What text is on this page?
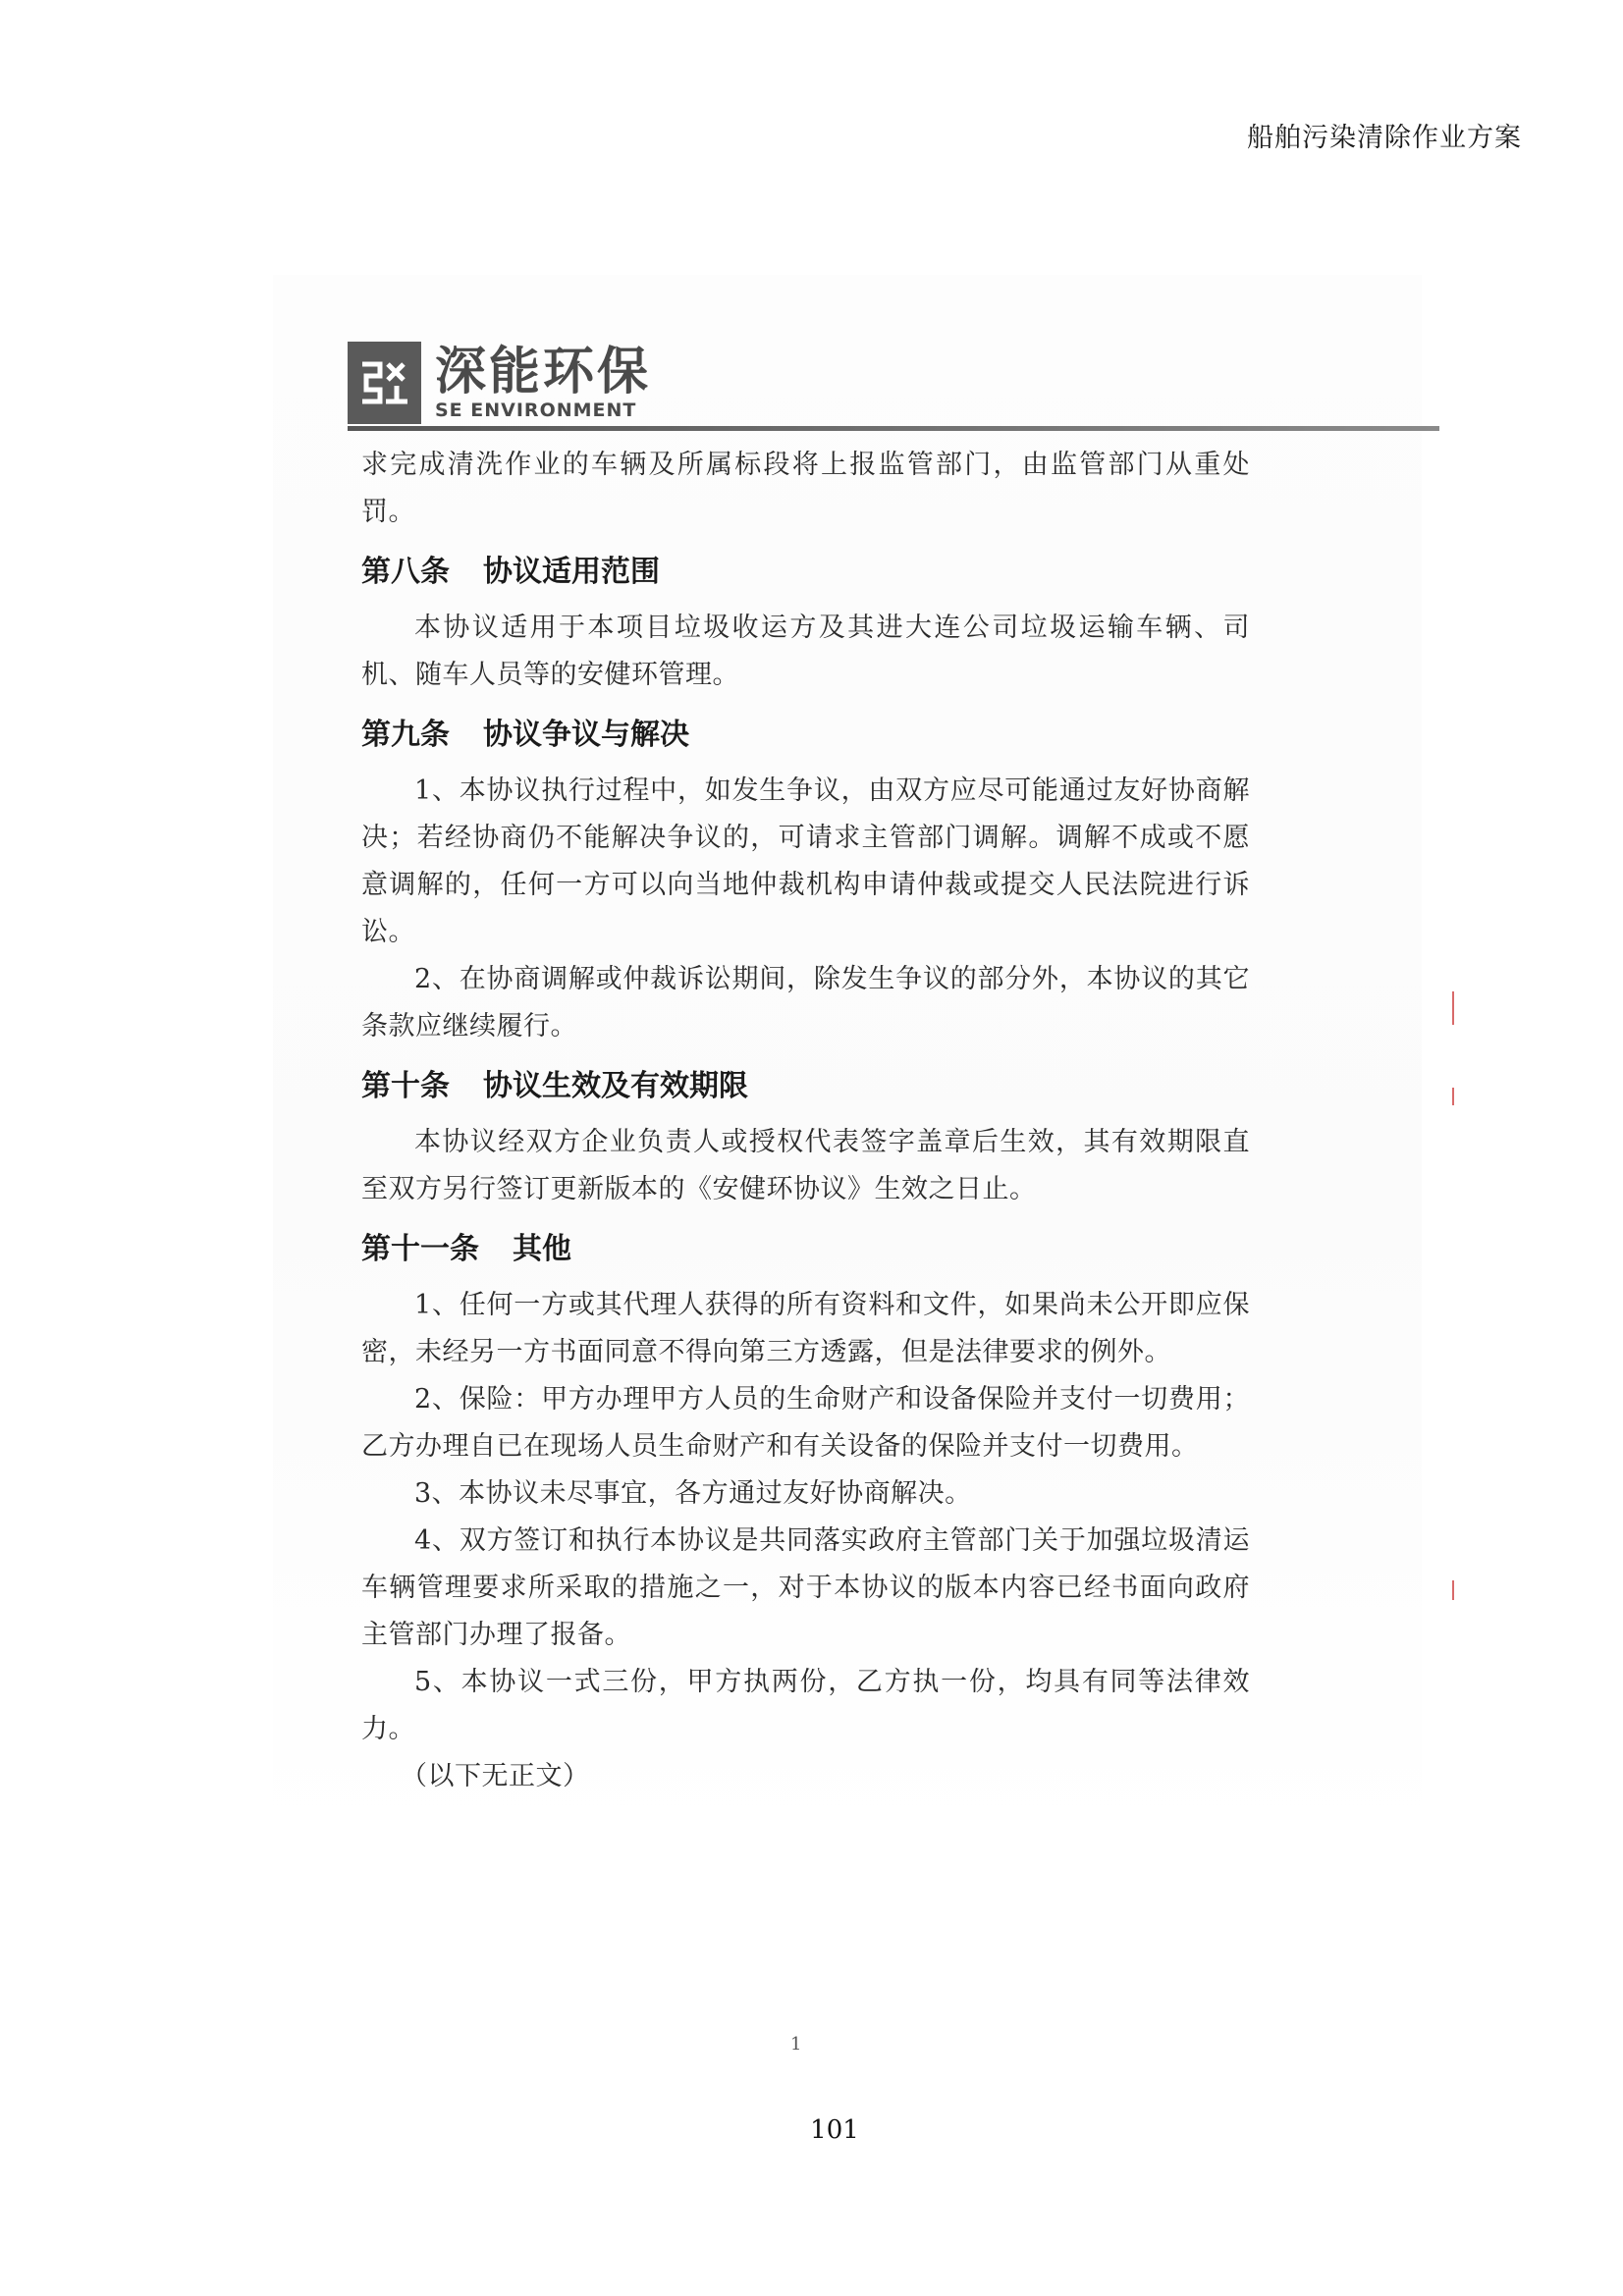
船舶污染清除作业方案
深能环保
SE ENVIRONMENT

求完成清洗作业的车辆及所属标段将上报监管部门，由监管部门从重处罚。

第八条 协议适用范围

本协议适用于本项目垃圾收运方及其进大连公司垃圾运输车辆、司机、随车人员等的安健环管理。

第九条 协议争议与解决

1、本协议执行过程中，如发生争议，由双方应尽可能通过友好协商解决；若经协商仍不能解决争议的，可请求主管部门调解。调解不成或不愿意调解的，任何一方可以向当地仲裁机构申请仲裁或提交人民法院进行诉讼。

2、在协商调解或仲裁诉讼期间，除发生争议的部分外，本协议的其它条款应继续履行。

第十条 协议生效及有效期限

本协议经双方企业负责人或授权代表签字盖章后生效，其有效期限直至双方另行签订更新版本的《安健环协议》生效之日止。

第十一条 其他

1、任何一方或其代理人获得的所有资料和文件，如果尚未公开即应保密，未经另一方书面同意不得向第三方透露，但是法律要求的例外。

2、保险：甲方办理甲方人员的生命财产和设备保险并支付一切费用；乙方办理自已在现场人员生命财产和有关设备的保险并支付一切费用。

3、本协议未尽事宜，各方通过友好协商解决。

4、双方签订和执行本协议是共同落实政府主管部门关于加强垃圾清运车辆管理要求所采取的措施之一，对于本协议的版本内容已经书面向政府主管部门办理了报备。

5、本协议一式三份，甲方执两份，乙方执一份，均具有同等法律效力。

（以下无正文）

1
101
